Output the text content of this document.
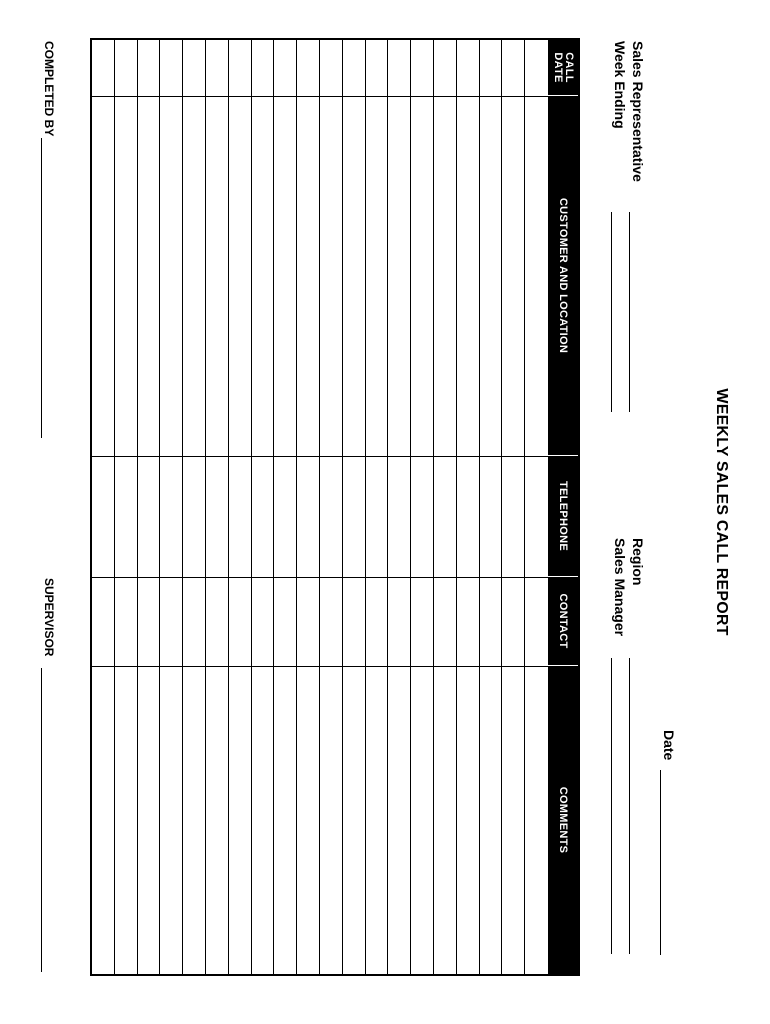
WEEKLY SALES CALL REPORT
Date
Sales Representative
Week Ending
Region
Sales Manager
CALL
DATE
CUSTOMER AND LOCATION
TELEPHONE
CONTACT
COMMENTS
COMPLETED BY
SUPERVISOR
